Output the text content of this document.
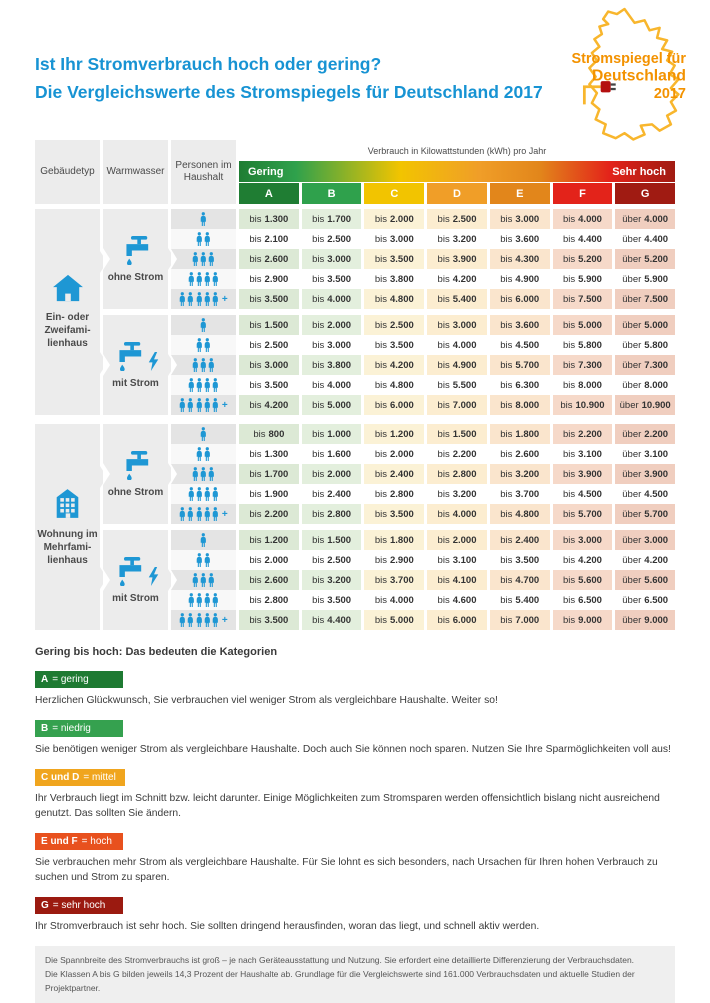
Ist Ihr Stromverbrauch hoch oder gering?
Die Vergleichswerte des Stromspiegels für Deutschland 2017
Stromspiegel für
Deutschland
2017
Gebäudetyp	Warmwasser
Personen im Haushalt
Verbrauch in Kilowattstunden (kWh) pro Jahr
Gering	Sehr hoch
A	B	C	D	E	F	G
Ein- oder
Zweifami-
lienhaus
ohne Strom
bis 1.300	bis 1.700	bis 2.000	bis 2.500	bis 3.000	bis 4.000 über 4.000
bis 2.100	bis 2.500	bis 3.000	bis 3.200	bis 3.600	bis 4.400 über 4.400
bis 2.600	bis 3.000	bis 3.500	bis 3.900	bis 4.300	bis 5.200 über 5.200
bis 2.900	bis 3.500	bis 3.800	bis 4.200	bis 4.900	bis 5.900 über 5.900
+ bis 3.500	bis 4.000	bis 4.800	bis 5.400	bis 6.000	bis 7.500 über 7.500
mit Strom
bis 1.500	bis 2.000	bis 2.500	bis 3.000	bis 3.600	bis 5.000 über 5.000
bis 2.500	bis 3.000	bis 3.500	bis 4.000	bis 4.500	bis 5.800 über 5.800
bis 3.000	bis 3.800	bis 4.200	bis 4.900	bis 5.700	bis 7.300 über 7.300
bis 3.500	bis 4.000	bis 4.800	bis 5.500	bis 6.300	bis 8.000 über 8.000
+ bis 4.200	bis 5.000	bis 6.000	bis 7.000	bis 8.000 bis 10.900 über 10.900
Wohnung im
Mehrfami-
lienhaus
ohne Strom
bis 800	bis 1.000	bis 1.200	bis 1.500	bis 1.800	bis 2.200 über 2.200
bis 1.300	bis 1.600	bis 2.000	bis 2.200	bis 2.600	bis 3.100 über 3.100
bis 1.700	bis 2.000	bis 2.400	bis 2.800	bis 3.200	bis 3.900 über 3.900
bis 1.900	bis 2.400	bis 2.800	bis 3.200	bis 3.700	bis 4.500 über 4.500
+ bis 2.200	bis 2.800	bis 3.500	bis 4.000	bis 4.800	bis 5.700 über 5.700
mit Strom
bis 1.200	bis 1.500	bis 1.800	bis 2.000	bis 2.400	bis 3.000 über 3.000
bis 2.000	bis 2.500	bis 2.900	bis 3.100	bis 3.500	bis 4.200 über 4.200
bis 2.600	bis 3.200	bis 3.700	bis 4.100	bis 4.700	bis 5.600 über 5.600
bis 2.800	bis 3.500	bis 4.000	bis 4.600	bis 5.400	bis 6.500 über 6.500
+ bis 3.500	bis 4.400	bis 5.000	bis 6.000	bis 7.000	bis 9.000 über 9.000
Gering bis hoch: Das bedeuten die Kategorien
A = gering
Herzlichen Glückwunsch, Sie verbrauchen viel weniger Strom als vergleichbare Haushalte. Weiter so!
B = niedrig
Sie benötigen weniger Strom als vergleichbare Haushalte. Doch auch Sie können noch sparen. Nutzen Sie Ihre Sparmöglichkeiten voll aus!
C und D = mittel
Ihr Verbrauch liegt im Schnitt bzw. leicht darunter. Einige Möglichkeiten zum Stromsparen werden offensichtlich bislang nicht ausreichend genutzt. Das sollten Sie ändern.
E und F = hoch
Sie verbrauchen mehr Strom als vergleichbare Haushalte. Für Sie lohnt es sich besonders, nach Ursachen für Ihren hohen Verbrauch zu suchen und Strom zu sparen.
G = sehr hoch
Ihr Stromverbrauch ist sehr hoch. Sie sollten dringend herausfinden, woran das liegt, und schnell aktiv werden.
Die Spannbreite des Stromverbrauchs ist groß – je nach Geräteausstattung und Nutzung. Sie erfordert eine detaillierte Differenzierung der Verbrauchsdaten.
Die Klassen A bis G bilden jeweils 14,3 Prozent der Haushalte ab. Grundlage für die Vergleichswerte sind 161.000 Verbrauchsdaten und aktuelle Studien der Projektpartner.
